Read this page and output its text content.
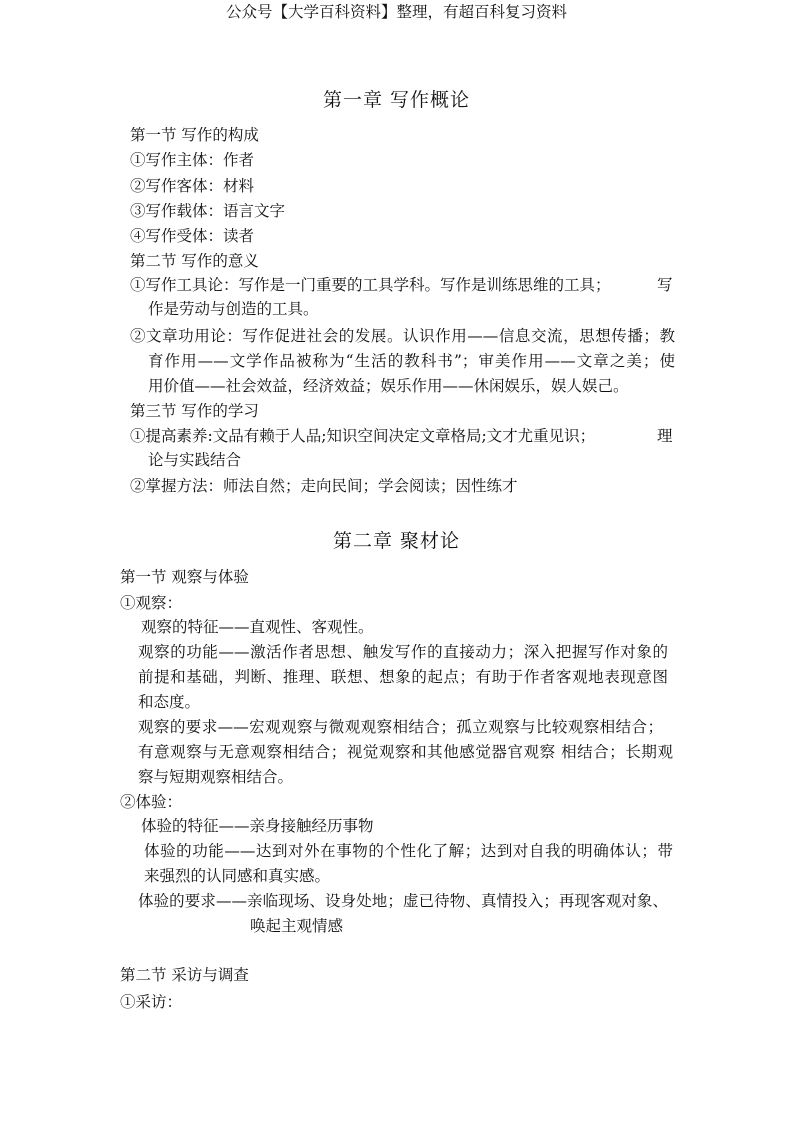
公众号【大学百科资料】整理，有超百科复习资料
第一章 写作概论
第一节 写作的构成
①写作主体：作者
②写作客体：材料
③写作载体：语言文字
④写作受体：读者
第二节 写作的意义
①写作工具论：写作是一门重要的工具学科。写作是训练思维的工具；	写
作是劳动与创造的工具。
②文章功用论：写作促进社会的发展。认识作用——信息交流，思想传播；教
育作用——文学作品被称为“生活的教科书”；审美作用——文章之美；使
用价值——社会效益，经济效益；娱乐作用——休闲娱乐，娱人娱己。
第三节 写作的学习
①提高素养:文品有赖于人品;知识空间决定文章格局;文才尤重见识；	理
论与实践结合
②掌握方法：师法自然；走向民间；学会阅读；因性练才
第二章 聚材论
第一节 观察与体验
①观察：
观察的特征——直观性、客观性。
观察的功能——激活作者思想、触发写作的直接动力；深入把握写作对象的
前提和基础，判断、推理、联想、想象的起点；有助于作者客观地表现意图
和态度。
观察的要求——宏观观察与微观观察相结合；孤立观察与比较观察相结合；
有意观察与无意观察相结合；视觉观察和其他感觉器官观察 相结合；长期观
察与短期观察相结合。
②体验：
体验的特征——亲身接触经历事物
体验的功能——达到对外在事物的个性化了解；达到对自我的明确体认；带
来强烈的认同感和真实感。
体验的要求——亲临现场、设身处地；虚已待物、真情投入；再现客观对象、
唤起主观情感
第二节 采访与调查
①采访：
